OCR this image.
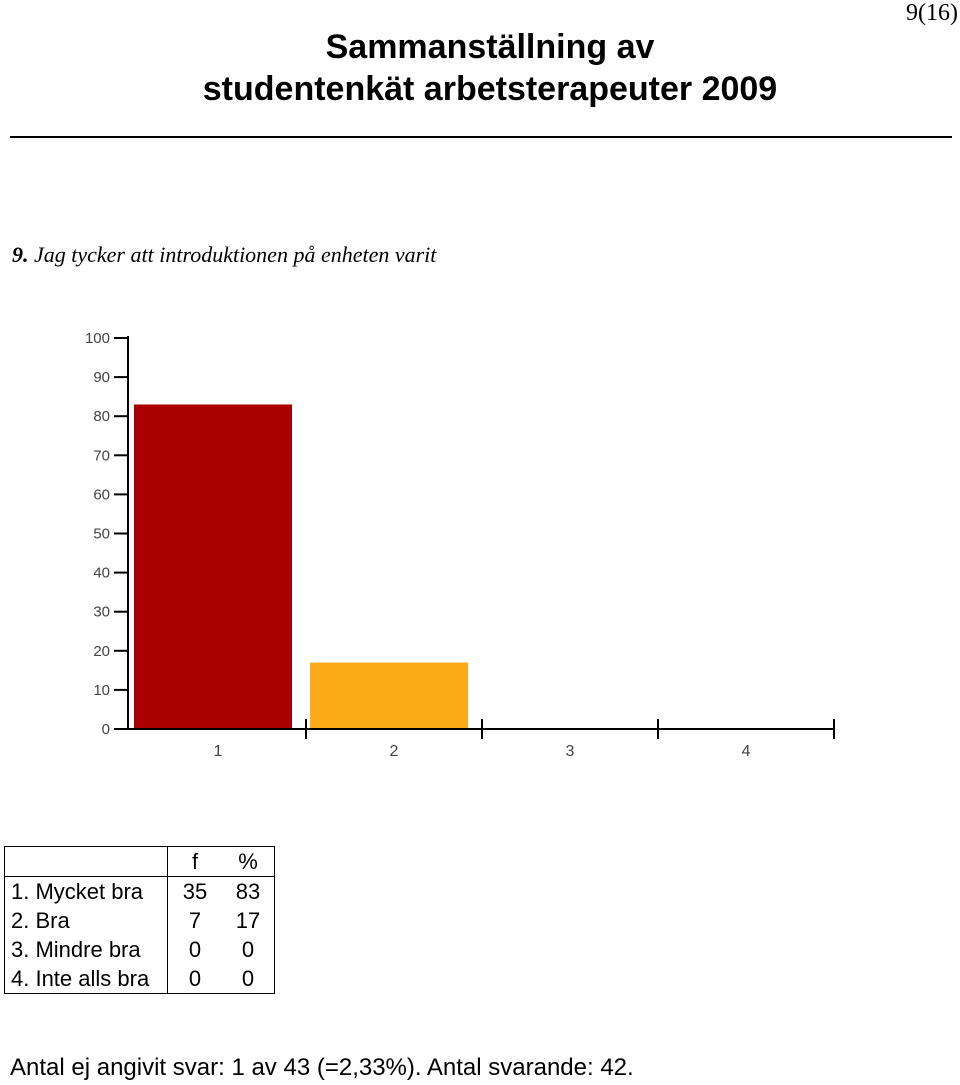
9(16)
Sammanställning av
studentenkät arbetsterapeuter 2009
9. Jag tycker att introduktionen på enheten varit
0
10
20
30
40
50
60
70
80
90
100
1	2	3	4
	f	%
1. Mycket bra	35	83
2. Bra	7	17
3. Mindre bra	0	0
4. Inte alls bra	0	0
Antal ej angivit svar: 1 av 43 (=2,33%). Antal svarande: 42.
